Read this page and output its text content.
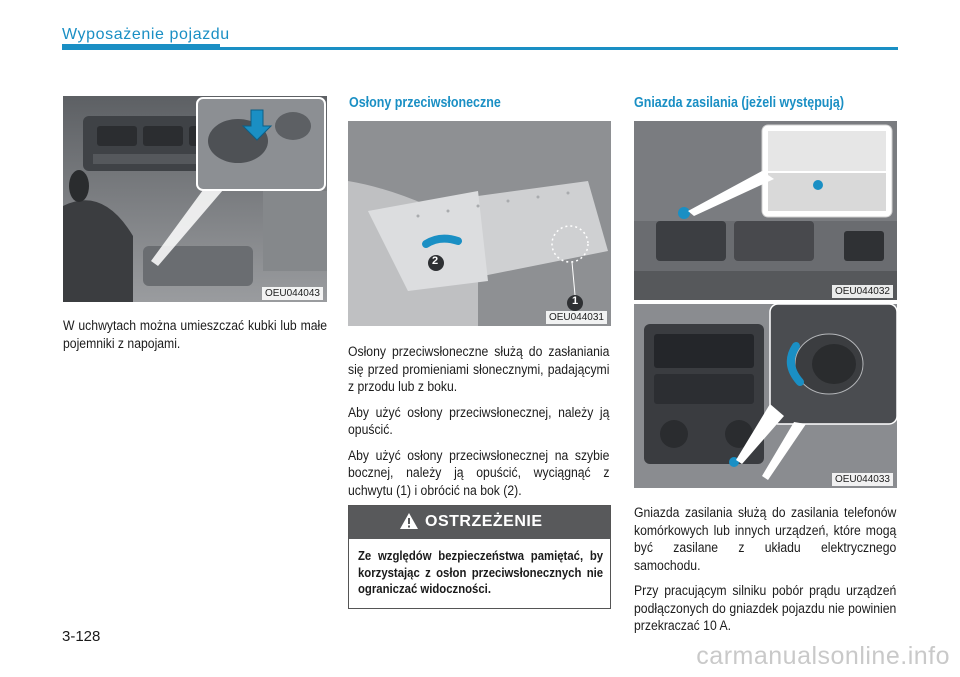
Wyposażenie pojazdu
OEU044043

W uchwytach można umieszczać kubki lub małe pojemniki z napojami.

Osłony przeciwsłoneczne
2
1
OEU044031

Osłony przeciwsłoneczne służą do zasłaniania się przed promieniami słonecznymi, padającymi z przodu lub z boku.

Aby użyć osłony przeciwsłonecznej, należy ją opuścić.

Aby użyć osłony przeciwsłonecznej na szybie bocznej, należy ją opuścić, wyciągnąć z uchwytu (1) i obrócić na bok (2).

OSTRZEŻENIE
Ze względów bezpieczeństwa pamiętać, by korzystając z osłon przeciwsłonecznych nie ograniczać widoczności.
Gniazda zasilania (jeżeli występują)
OEU044032
OEU044033

Gniazda zasilania służą do zasilania telefonów komórkowych lub innych urządzeń, które mogą być zasilane z układu elektrycznego samochodu.

Przy pracującym silniku pobór prądu urządzeń podłączonych do gniazdek pojazdu nie powinien przekraczać 10 A.

3-128
carmanualsonline.info
